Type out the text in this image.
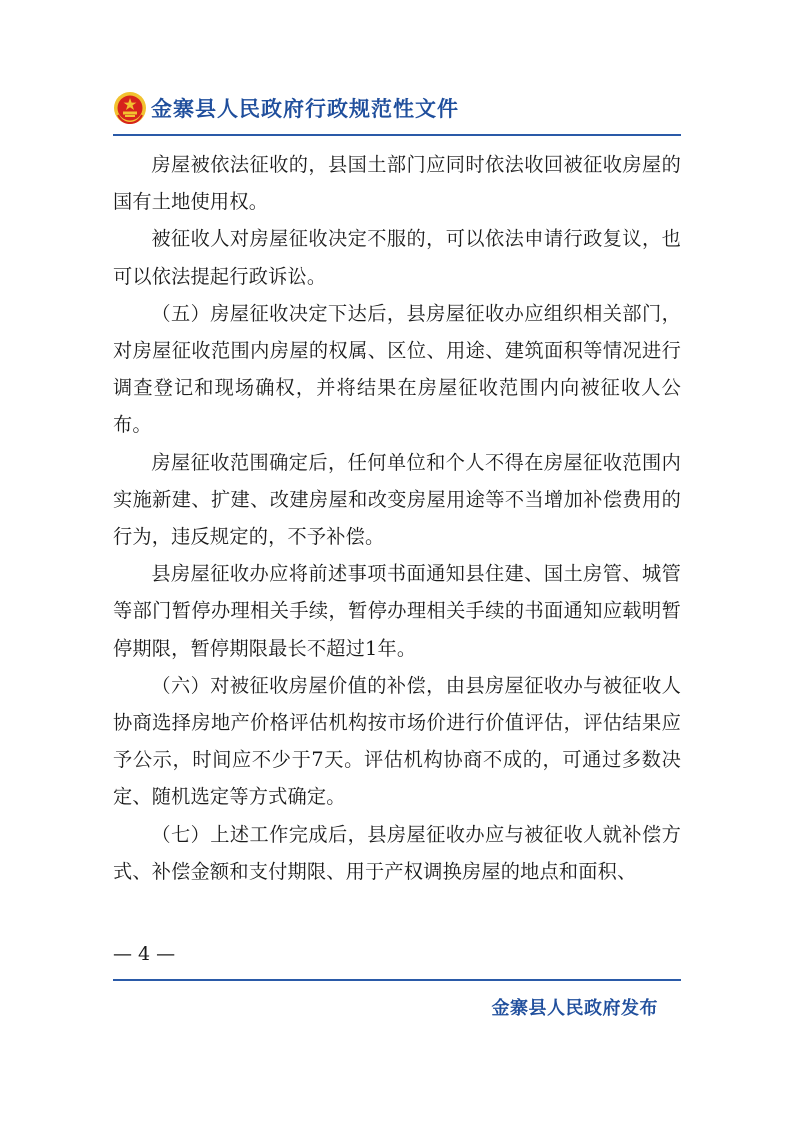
金寨县人民政府行政规范性文件

房屋被依法征收的，县国土部门应同时依法收回被征收房屋的国有土地使用权。

被征收人对房屋征收决定不服的，可以依法申请行政复议，也可以依法提起行政诉讼。

（五）房屋征收决定下达后，县房屋征收办应组织相关部门，对房屋征收范围内房屋的权属、区位、用途、建筑面积等情况进行调查登记和现场确权，并将结果在房屋征收范围内向被征收人公布。

房屋征收范围确定后，任何单位和个人不得在房屋征收范围内实施新建、扩建、改建房屋和改变房屋用途等不当增加补偿费用的行为，违反规定的，不予补偿。

县房屋征收办应将前述事项书面通知县住建、国土房管、城管等部门暂停办理相关手续，暂停办理相关手续的书面通知应载明暂停期限，暂停期限最长不超过1年。

（六）对被征收房屋价值的补偿，由县房屋征收办与被征收人协商选择房地产价格评估机构按市场价进行价值评估，评估结果应予公示，时间应不少于7天。评估机构协商不成的，可通过多数决定、随机选定等方式确定。

（七）上述工作完成后，县房屋征收办应与被征收人就补偿方式、补偿金额和支付期限、用于产权调换房屋的地点和面积、

— 4 —
金寨县人民政府发布
